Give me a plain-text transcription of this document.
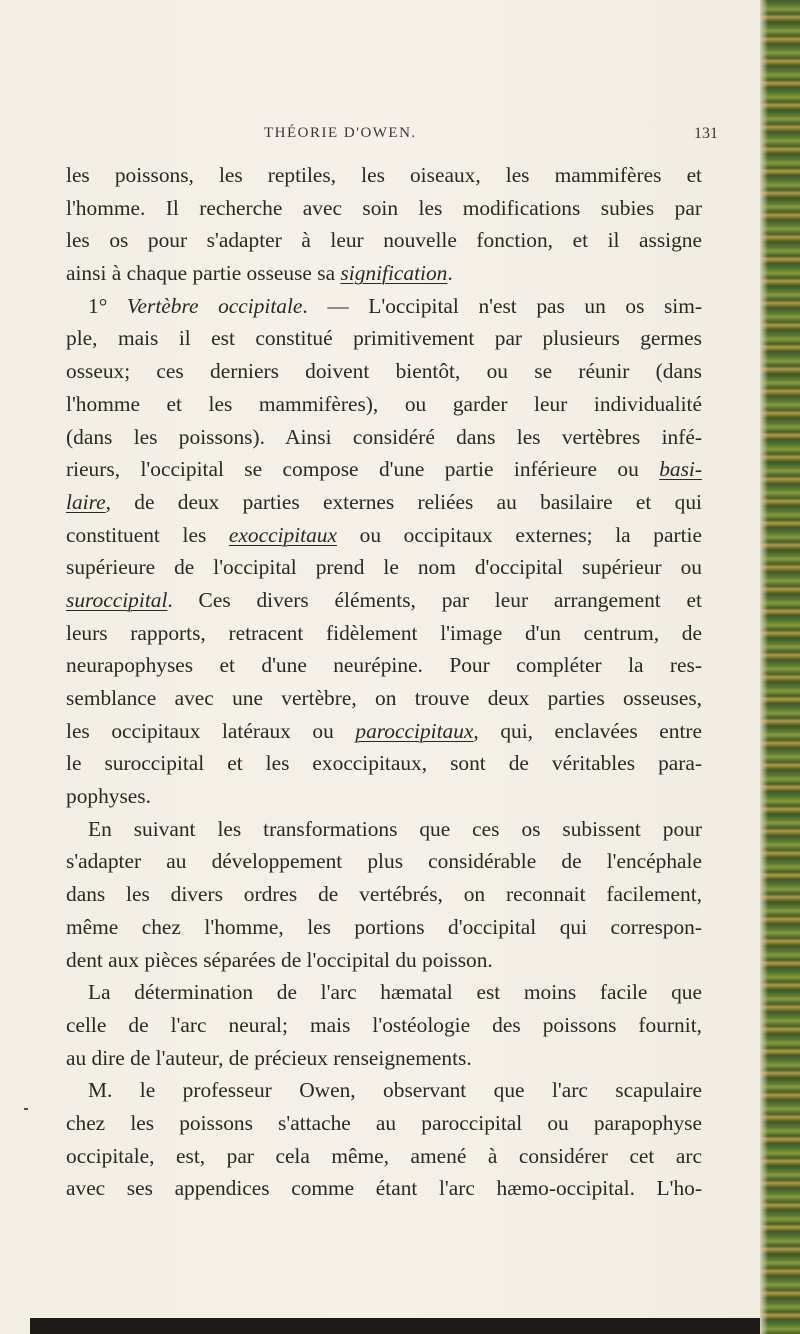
THÉORIE D'OWEN.	131
les poissons, les reptiles, les oiseaux, les mammifères et
l'homme. Il recherche avec soin les modifications subies par
les os pour s'adapter à leur nouvelle fonction, et il assigne
ainsi à chaque partie osseuse sa signification.
1° Vertèbre occipitale. — L'occipital n'est pas un os sim-
ple, mais il est constitué primitivement par plusieurs germes
osseux; ces derniers doivent bientôt, ou se réunir (dans
l'homme et les mammifères), ou garder leur individualité
(dans les poissons). Ainsi considéré dans les vertèbres infé-
rieurs, l'occipital se compose d'une partie inférieure ou basi-
laire, de deux parties externes reliées au basilaire et qui
constituent les exoccipitaux ou occipitaux externes; la partie
supérieure de l'occipital prend le nom d'occipital supérieur ou
suroccipital. Ces divers éléments, par leur arrangement et
leurs rapports, retracent fidèlement l'image d'un centrum, de
neurapophyses et d'une neurépine. Pour compléter la res-
semblance avec une vertèbre, on trouve deux parties osseuses,
les occipitaux latéraux ou paroccipitaux, qui, enclavées entre
le suroccipital et les exoccipitaux, sont de véritables para-
pophyses.
En suivant les transformations que ces os subissent pour
s'adapter au développement plus considérable de l'encéphale
dans les divers ordres de vertébrés, on reconnait facilement,
même chez l'homme, les portions d'occipital qui correspon-
dent aux pièces séparées de l'occipital du poisson.
La détermination de l'arc hæmatal est moins facile que
celle de l'arc neural; mais l'ostéologie des poissons fournit,
au dire de l'auteur, de précieux renseignements.
M. le professeur Owen, observant que l'arc scapulaire
chez les poissons s'attache au paroccipital ou parapophyse
occipitale, est, par cela même, amené à considérer cet arc
avec ses appendices comme étant l'arc hæmo-occipital. L'ho-
